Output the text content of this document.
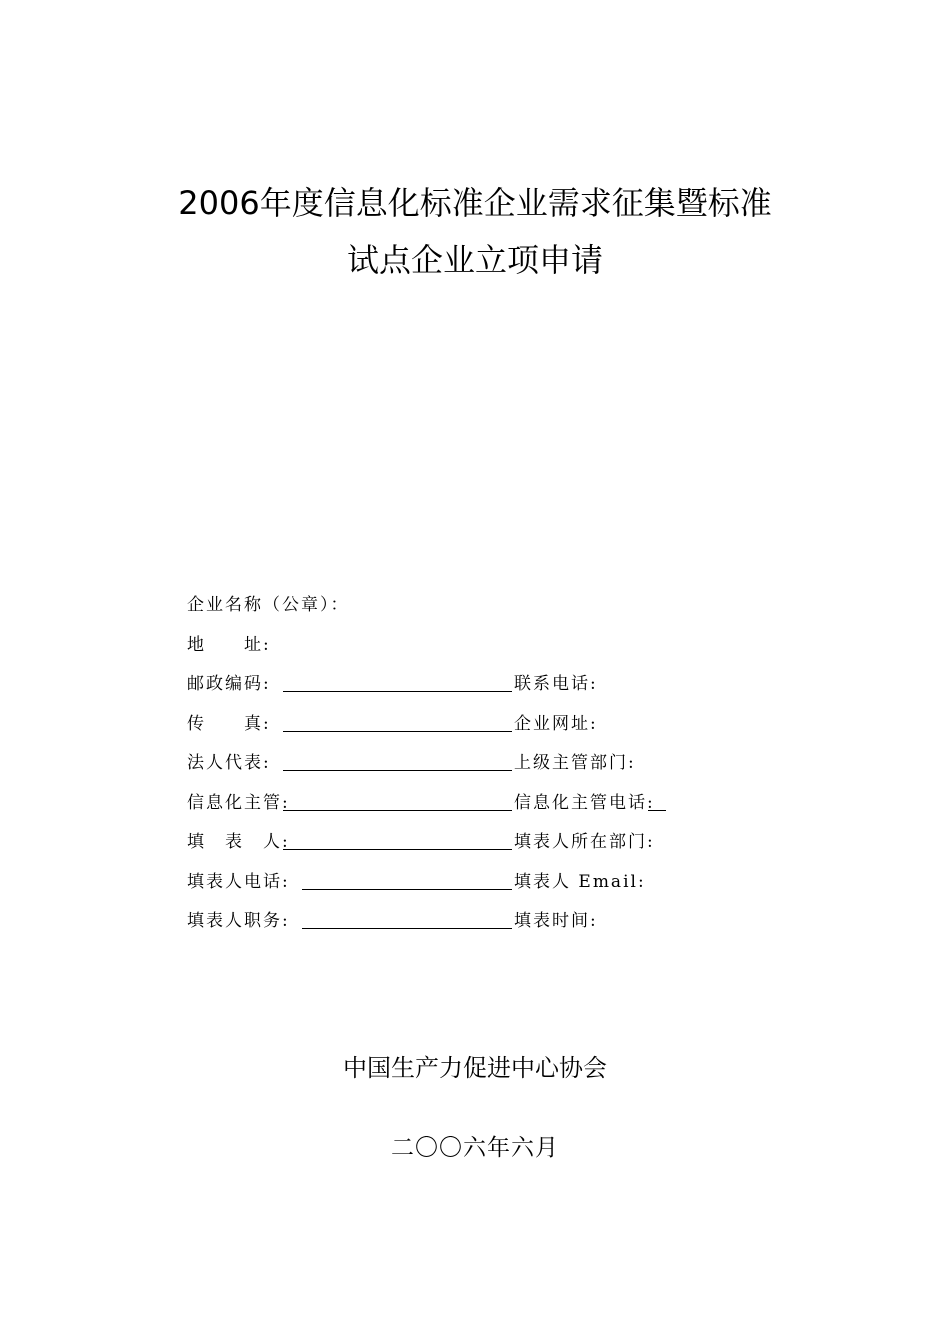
2006年度信息化标准企业需求征集暨标准
试点企业立项申请
企业名称（公章）：
地　　址:
邮政编码:	联系电话:
传　　真:	企业网址:
法人代表:	上级主管部门:
信息化主管:	信息化主管电话:
填　表　人:	填表人所在部门:
填表人电话:	填表人 Email:
填表人职务:	填表时间:
中国生产力促进中心协会
二〇〇六年六月
